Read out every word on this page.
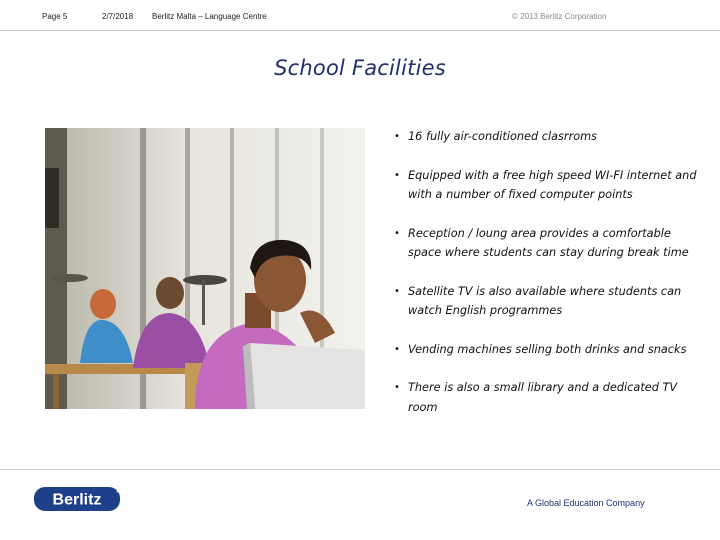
Page 5	2/7/2018 Berlitz Malta – Language Centre	© 2013 Berlitz Corporation
School Facilities
• 16 fully air-conditioned clasrroms
• Equipped with a free high speed WI-FI internet and with a number of fixed computer points
• Reception / loung area provides a comfortable space where students can stay during break time
• Satellite TV is also available where students can watch English programmes
• Vending machines selling both drinks and snacks
• There is also a small library and a dedicated TV room
Berlitz	®
A Global Education Company
